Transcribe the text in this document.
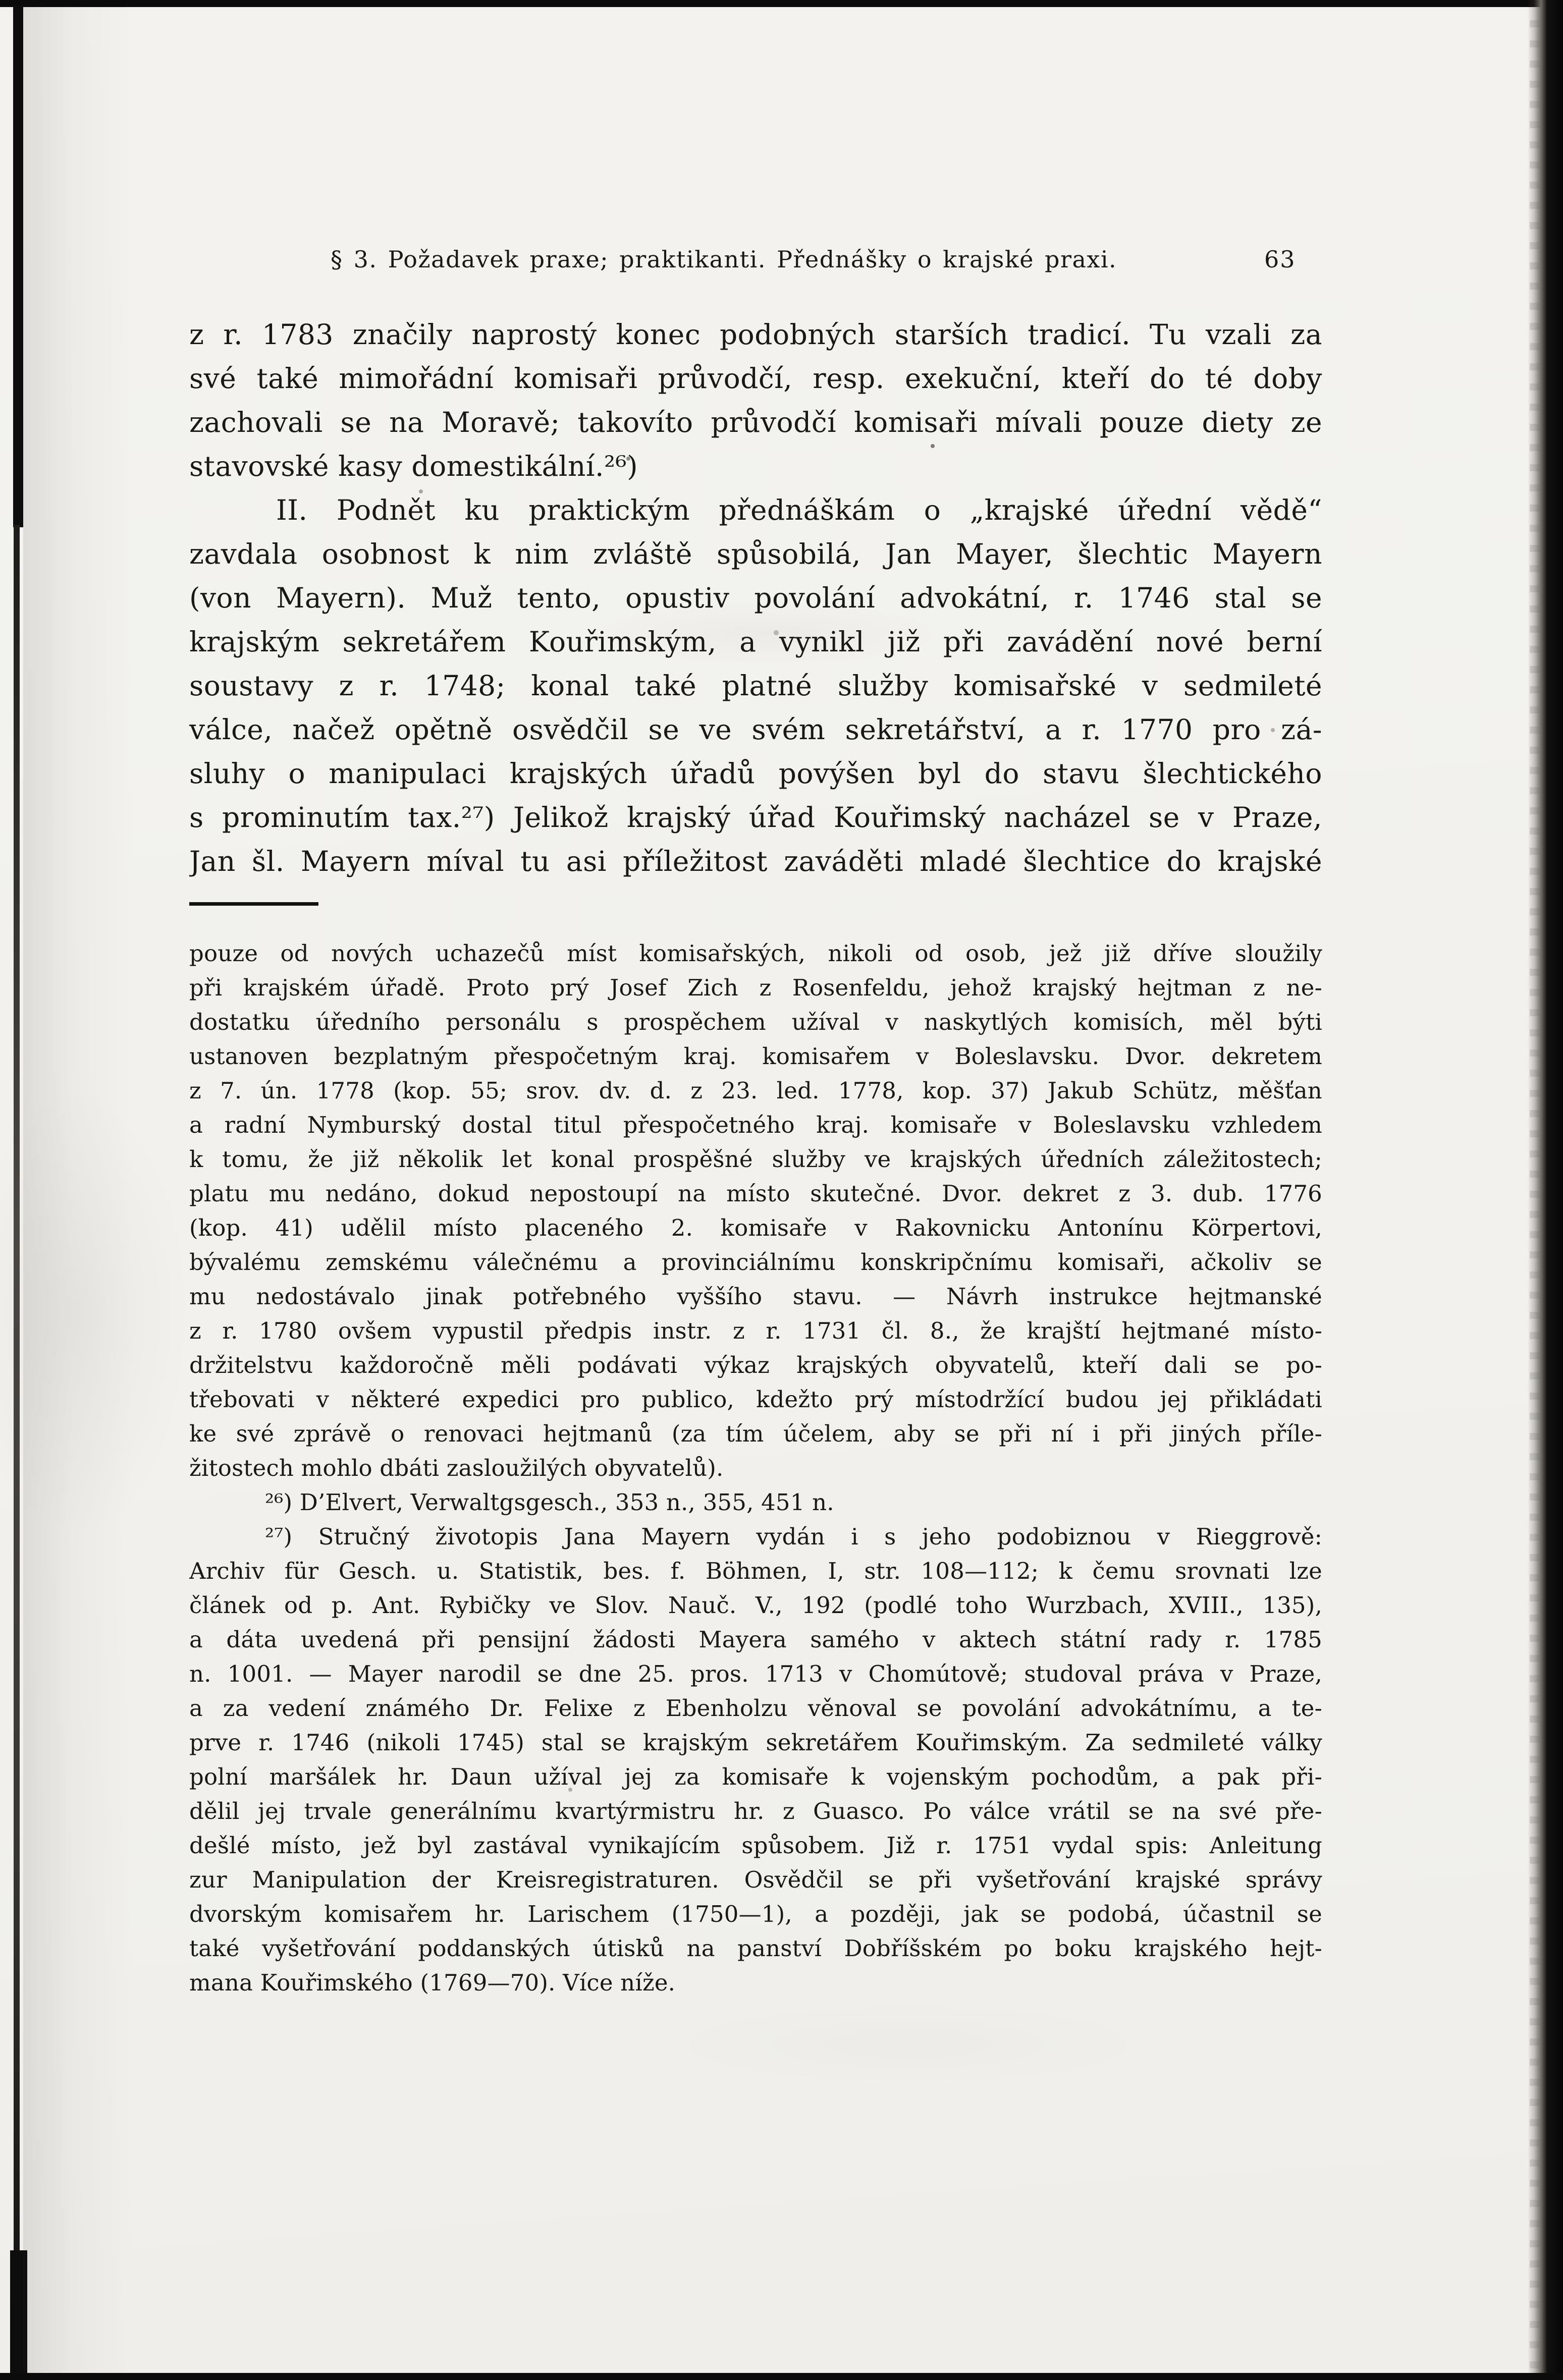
§ 3. Požadavek praxe; praktikanti. Přednášky o krajské praxi.	63
z r. 1783 značily naprostý konec podobných starších tradicí. Tu vzali za
své také mimořádní komisaři průvodčí, resp. exekuční, kteří do té doby
zachovali se na Moravě; takovíto průvodčí komisaři mívali pouze diety ze
stavovské kasy domestikální.²⁶)
II. Podnět ku praktickým přednáškám o „krajské úřední vědě“
zavdala osobnost k nim zvláště spůsobilá, Jan Mayer, šlechtic Mayern
(von Mayern). Muž tento, opustiv povolání advokátní, r. 1746 stal se
krajským sekretářem Kouřimským, a vynikl již při zavádění nové berní
soustavy z r. 1748; konal také platné služby komisařské v sedmileté
válce, načež opětně osvědčil se ve svém sekretářství, a r. 1770 pro zá-
sluhy o manipulaci krajských úřadů povýšen byl do stavu šlechtického
s prominutím tax.²⁷) Jelikož krajský úřad Kouřimský nacházel se v Praze,
Jan šl. Mayern míval tu asi příležitost zaváděti mladé šlechtice do krajské
pouze od nových uchazečů míst komisařských, nikoli od osob, jež již dříve sloužily
při krajském úřadě. Proto prý Josef Zich z Rosenfeldu, jehož krajský hejtman z ne-
dostatku úředního personálu s prospěchem užíval v naskytlých komisích, měl býti
ustanoven bezplatným přespočetným kraj. komisařem v Boleslavsku. Dvor. dekretem
z 7. ún. 1778 (kop. 55; srov. dv. d. z 23. led. 1778, kop. 37) Jakub Schütz, měšťan
a radní Nymburský dostal titul přespočetného kraj. komisaře v Boleslavsku vzhledem
k tomu, že již několik let konal prospěšné služby ve krajských úředních záležitostech;
platu mu nedáno, dokud nepostoupí na místo skutečné. Dvor. dekret z 3. dub. 1776
(kop. 41) udělil místo placeného 2. komisaře v Rakovnicku Antonínu Körpertovi,
bývalému zemskému válečnému a provinciálnímu konskripčnímu komisaři, ačkoliv se
mu nedostávalo jinak potřebného vyššího stavu. — Návrh instrukce hejtmanské
z r. 1780 ovšem vypustil předpis instr. z r. 1731 čl. 8., že krajští hejtmané místo-
držitelstvu každoročně měli podávati výkaz krajských obyvatelů, kteří dali se po-
třebovati v některé expedici pro publico, kdežto prý místodržící budou jej přikládati
ke své zprávě o renovaci hejtmanů (za tím účelem, aby se při ní i při jiných příle-
žitostech mohlo dbáti zasloužilých obyvatelů).
²⁶) D’Elvert, Verwaltgsgesch., 353 n., 355, 451 n.
²⁷) Stručný životopis Jana Mayern vydán i s jeho podobiznou v Rieggrově:
Archiv für Gesch. u. Statistik, bes. f. Böhmen, I, str. 108—112; k čemu srovnati lze
článek od p. Ant. Rybičky ve Slov. Nauč. V., 192 (podlé toho Wurzbach, XVIII., 135),
a dáta uvedená při pensijní žádosti Mayera samého v aktech státní rady r. 1785
n. 1001. — Mayer narodil se dne 25. pros. 1713 v Chomútově; studoval práva v Praze,
a za vedení známého Dr. Felixe z Ebenholzu věnoval se povolání advokátnímu, a te-
prve r. 1746 (nikoli 1745) stal se krajským sekretářem Kouřimským. Za sedmileté války
polní maršálek hr. Daun užíval jej za komisaře k vojenským pochodům, a pak při-
dělil jej trvale generálnímu kvartýrmistru hr. z Guasco. Po válce vrátil se na své pře-
dešlé místo, jež byl zastával vynikajícím spůsobem. Již r. 1751 vydal spis: Anleitung
zur Manipulation der Kreisregistraturen. Osvědčil se při vyšetřování krajské správy
dvorským komisařem hr. Larischem (1750—1), a později, jak se podobá, účastnil se
také vyšetřování poddanských útisků na panství Dobříšském po boku krajského hejt-
mana Kouřimského (1769—70). Více níže.
